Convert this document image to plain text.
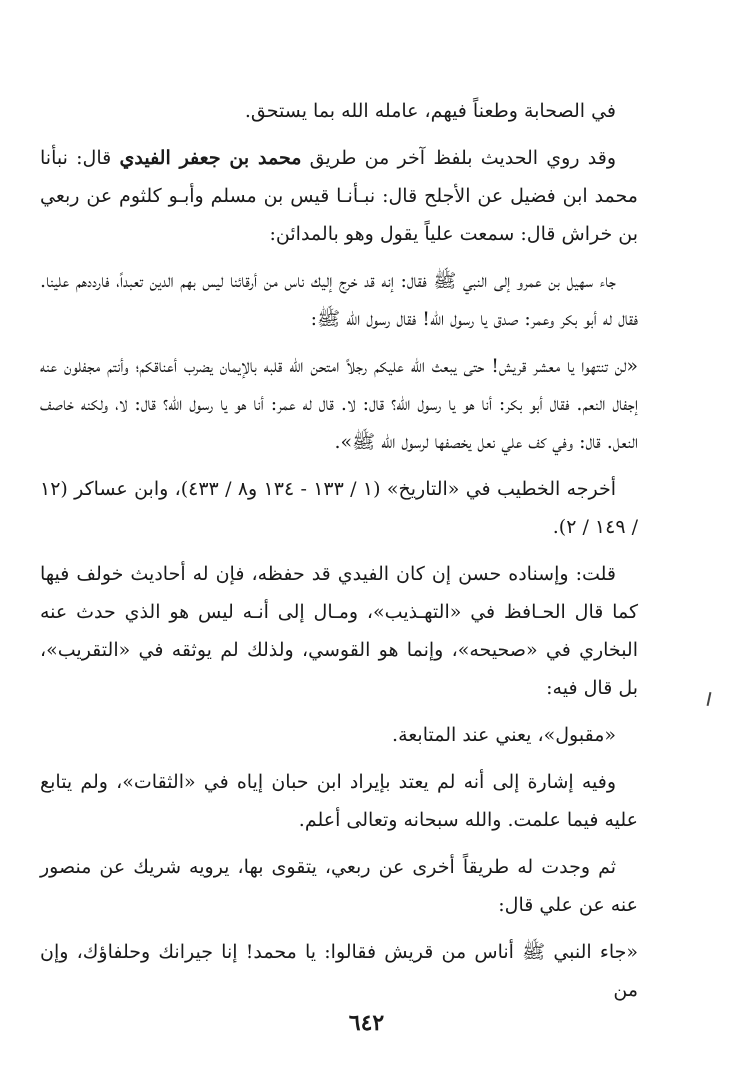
في الصحابة وطعناً فيهم، عامله الله بما يستحق.

وقد روي الحديث بلفظ آخر من طريق محمد بن جعفر الفيدي قال: نبأنا محمد ابن فضيل عن الأجلح قال: نبـأنـا قيس بن مسلم وأبـو كلثوم عن ربعي بن خراش قال: سمعت علياً يقول وهو بالمدائن:

جاء سهيل بن عمرو إلى النبي ﷺ فقال: إنه قد خرج إليك ناس من أرقائنا ليس بهم الدين تعبداً، فارددهم علينا. فقال له أبو بكر وعمر: صدق يا رسول الله! فقال رسول الله ﷺ:

«لن تنتهوا يا معشر قريش! حتى يبعث الله عليكم رجلاً امتحن الله قلبه بالإيمان يضرب أعناقكم؛ وأنتم مجفلون عنه إجفال النعم. فقال أبو بكر: أنا هو يا رسول الله؟ قال: لا. قال له عمر: أنا هو يا رسول الله؟ قال: لا، ولكنه خاصف النعل. قال: وفي كف علي نعل يخصفها لرسول الله ﷺ».

أخرجه الخطيب في «التاريخ» (١ / ١٣٣ - ١٣٤ و٨ / ٤٣٣)، وابن عساكر (١٢ / ١٤٩ / ٢).

قلت: وإسناده حسن إن كان الفيدي قد حفظه، فإن له أحاديث خولف فيها كما قال الحـافظ في «التهـذيب»، ومـال إلى أنـه ليس هو الذي حدث عنه البخاري في «صحيحه»، وإنما هو القوسي، ولذلك لم يوثقه في «التقريب»، بل قال فيه:

«مقبول»، يعني عند المتابعة.

وفيه إشارة إلى أنه لم يعتد بإيراد ابن حبان إياه في «الثقات»، ولم يتابع عليه فيما علمت. والله سبحانه وتعالى أعلم.

ثم وجدت له طريقاً أخرى عن ربعي، يتقوى بها، يرويه شريك عن منصور عنه عن علي قال:

«جاء النبي ﷺ أناس من قريش فقالوا: يا محمد! إنا جيرانك وحلفاؤك، وإن من

٦٤٢
